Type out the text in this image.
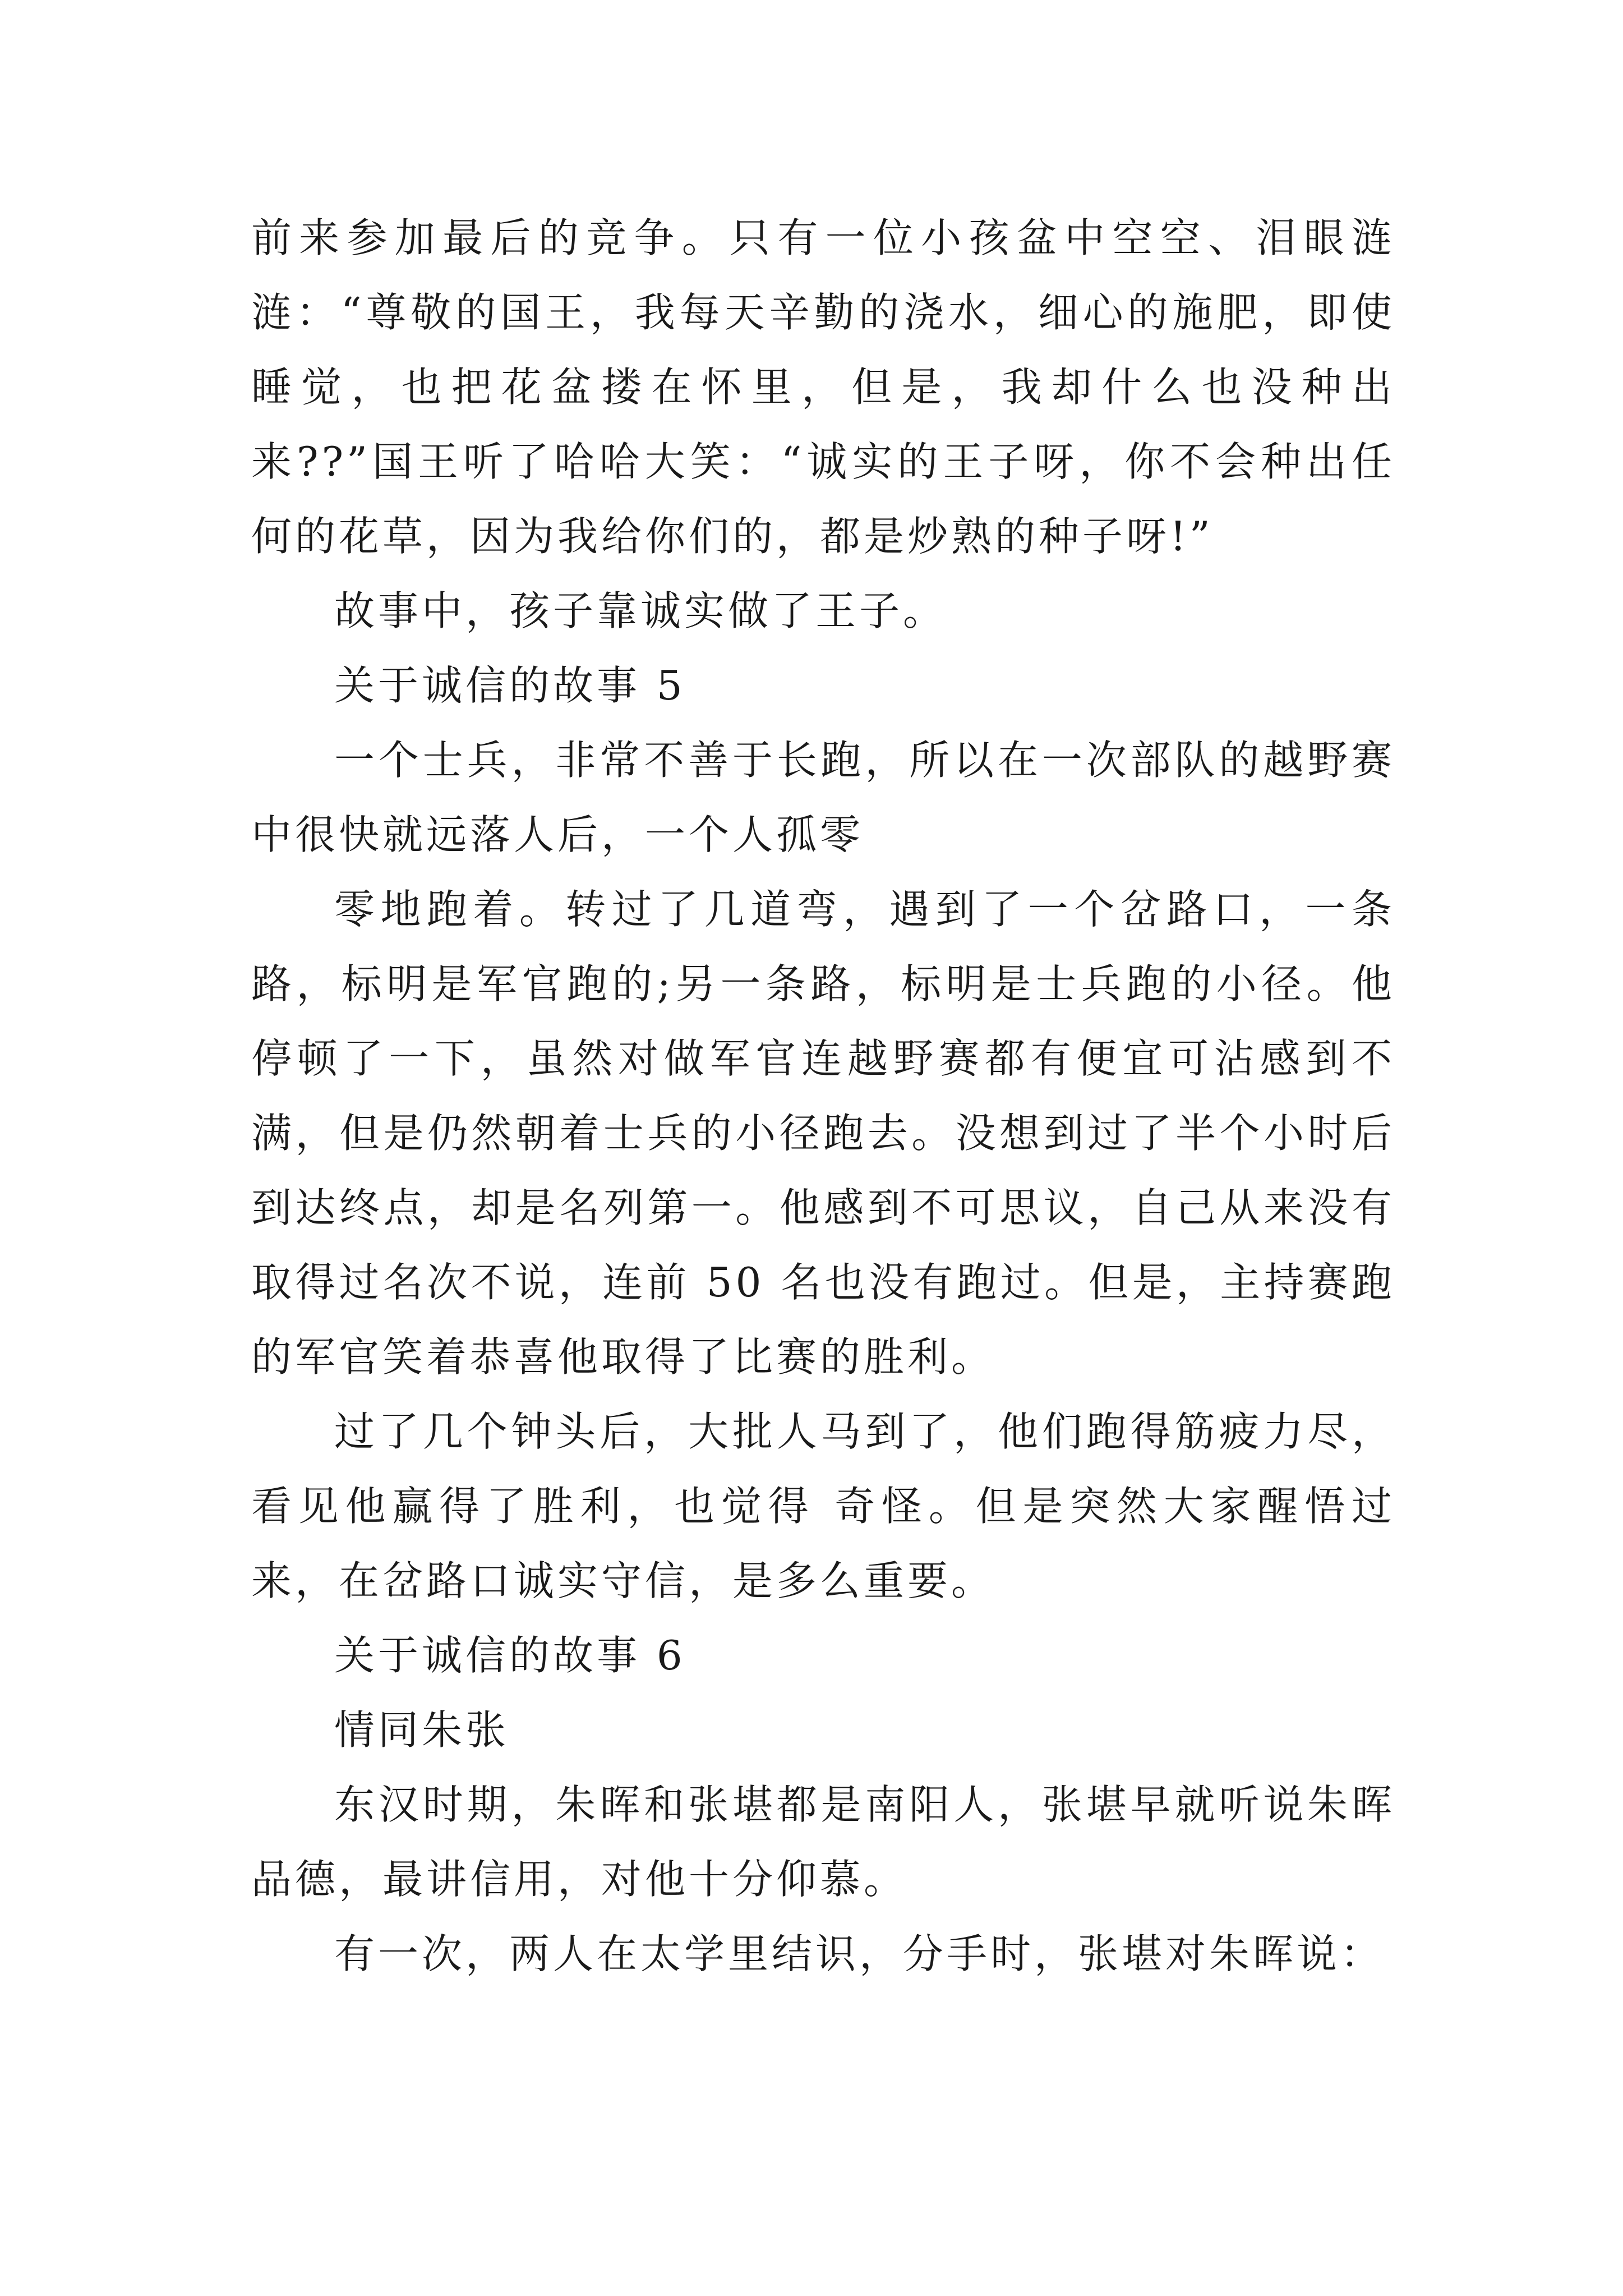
前来参加最后的竞争。只有一位小孩盆中空空、泪眼涟涟：“尊敬的国王，我每天辛勤的浇水，细心的施肥，即使睡觉，也把花盆搂在怀里，但是，我却什么也没种出来??”国王听了哈哈大笑：“诚实的王子呀，你不会种出任何的花草，因为我给你们的，都是炒熟的种子呀!”

故事中，孩子靠诚实做了王子。

关于诚信的故事 5

一个士兵，非常不善于长跑，所以在一次部队的越野赛中很快就远落人后，一个人孤零

零地跑着。转过了几道弯，遇到了一个岔路口，一条路，标明是军官跑的;另一条路，标明是士兵跑的小径。他停顿了一下，虽然对做军官连越野赛都有便宜可沾感到不满，但是仍然朝着士兵的小径跑去。没想到过了半个小时后到达终点，却是名列第一。他感到不可思议，自己从来没有取得过名次不说，连前 50 名也没有跑过。但是，主持赛跑的军官笑着恭喜他取得了比赛的胜利。

过了几个钟头后，大批人马到了，他们跑得筋疲力尽，看见他赢得了胜利，也觉得 奇怪。但是突然大家醒悟过来，在岔路口诚实守信，是多么重要。

关于诚信的故事 6

情同朱张

东汉时期，朱晖和张堪都是南阳人，张堪早就听说朱晖品德，最讲信用，对他十分仰慕。

有一次，两人在太学里结识，分手时，张堪对朱晖说：
